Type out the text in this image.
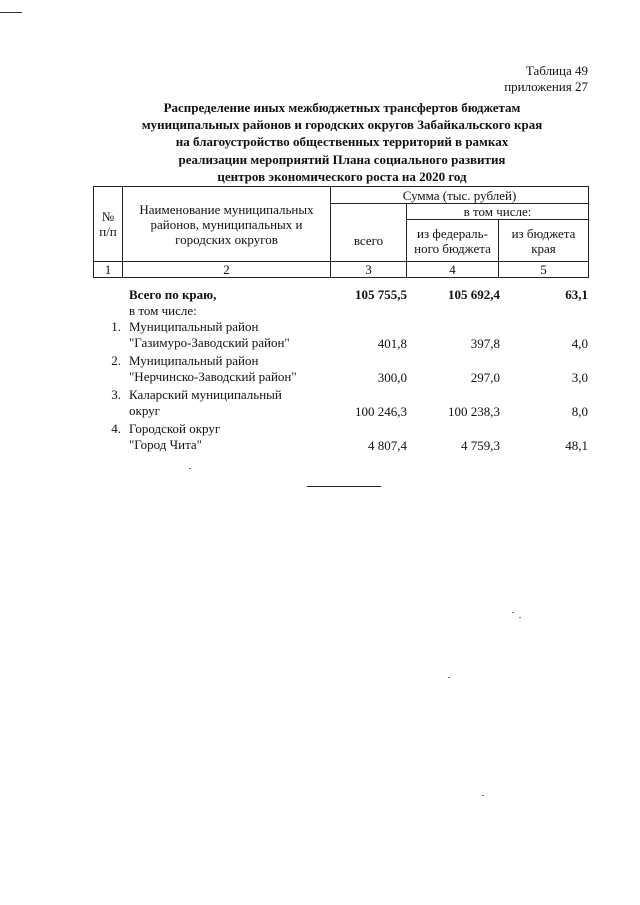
Таблица 49
приложения 27
Распределение иных межбюджетных трансфертов бюджетам
муниципальных районов и городских округов Забайкальского края
на благоустройство общественных территорий в рамках
реализации мероприятий Плана социального развития
центров экономического роста на 2020 год
№ п/п	Наименование муниципальных районов, муниципальных и городских округов	Сумма (тыс. рублей)		
			в том числе:	
		всего	из федераль-ного бюджета	из бюджета края
1	2	3	4	5
Всего по краю,	105 755,5	105 692,4	63,1
в том числе:
1. Муниципальный район
"Газимуро-Заводский район"	401,8	397,8	4,0
2. Муниципальный район
"Нерчинско-Заводский район"	300,0	297,0	3,0
3. Каларский муниципальный
округ	100 246,3	100 238,3	8,0
4. Городской округ
"Город Чита"	4 807,4	4 759,3	48,1
